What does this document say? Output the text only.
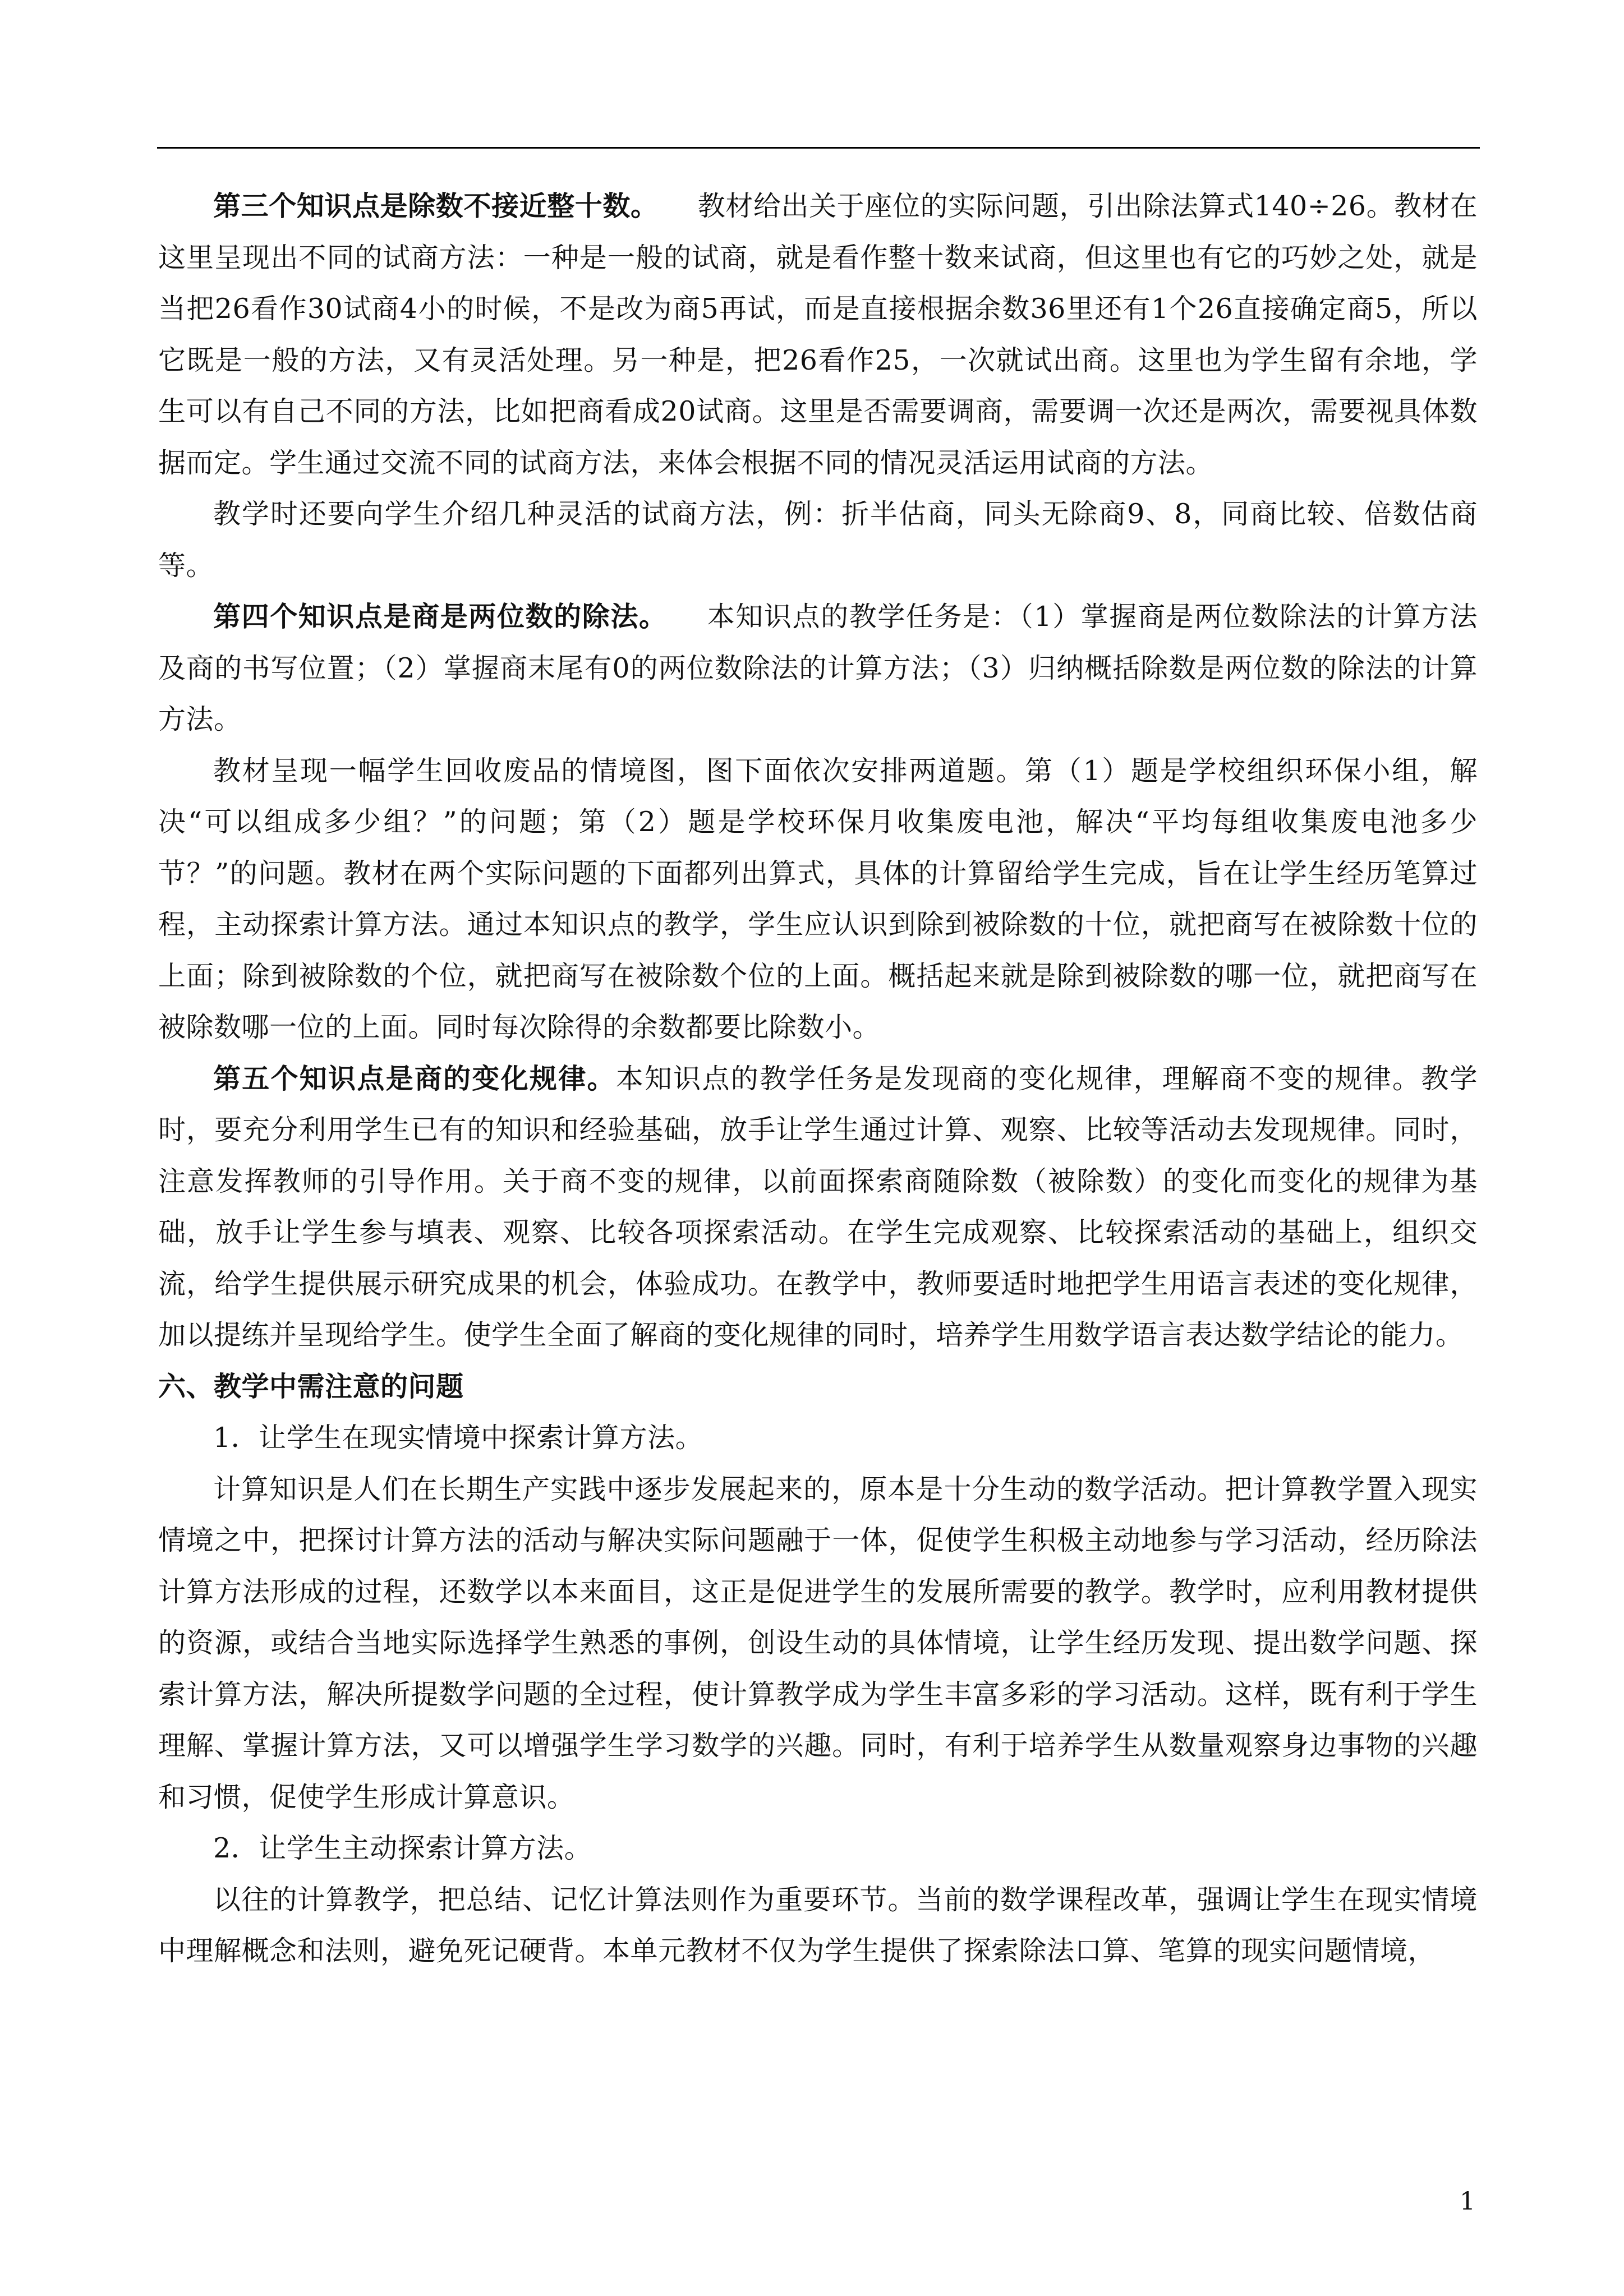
第三个知识点是除数不接近整十数。 教材给出关于座位的实际问题，引出除法算式140÷26。教材在这里呈现出不同的试商方法：一种是一般的试商，就是看作整十数来试商，但这里也有它的巧妙之处，就是当把26看作30试商4小的时候，不是改为商5再试，而是直接根据余数36里还有1个26直接确定商5，所以它既是一般的方法，又有灵活处理。另一种是，把26看作25，一次就试出商。这里也为学生留有余地，学生可以有自己不同的方法，比如把商看成20试商。这里是否需要调商，需要调一次还是两次，需要视具体数据而定。学生通过交流不同的试商方法，来体会根据不同的情况灵活运用试商的方法。

教学时还要向学生介绍几种灵活的试商方法，例：折半估商，同头无除商9、8，同商比较、倍数估商等。

第四个知识点是商是两位数的除法。 本知识点的教学任务是：（1）掌握商是两位数除法的计算方法及商的书写位置；（2）掌握商末尾有0的两位数除法的计算方法；（3）归纳概括除数是两位数的除法的计算方法。

教材呈现一幅学生回收废品的情境图，图下面依次安排两道题。第（1）题是学校组织环保小组，解决“可以组成多少组？”的问题；第（2）题是学校环保月收集废电池，解决“平均每组收集废电池多少节？”的问题。教材在两个实际问题的下面都列出算式，具体的计算留给学生完成，旨在让学生经历笔算过程，主动探索计算方法。通过本知识点的教学，学生应认识到除到被除数的十位，就把商写在被除数十位的上面；除到被除数的个位，就把商写在被除数个位的上面。概括起来就是除到被除数的哪一位，就把商写在被除数哪一位的上面。同时每次除得的余数都要比除数小。

第五个知识点是商的变化规律。本知识点的教学任务是发现商的变化规律，理解商不变的规律。教学时，要充分利用学生已有的知识和经验基础，放手让学生通过计算、观察、比较等活动去发现规律。同时，注意发挥教师的引导作用。关于商不变的规律，以前面探索商随除数（被除数）的变化而变化的规律为基础，放手让学生参与填表、观察、比较各项探索活动。在学生完成观察、比较探索活动的基础上，组织交流，给学生提供展示研究成果的机会，体验成功。在教学中，教师要适时地把学生用语言表述的变化规律，加以提练并呈现给学生。使学生全面了解商的变化规律的同时，培养学生用数学语言表达数学结论的能力。

六、教学中需注意的问题

1．让学生在现实情境中探索计算方法。

计算知识是人们在长期生产实践中逐步发展起来的，原本是十分生动的数学活动。把计算教学置入现实情境之中，把探讨计算方法的活动与解决实际问题融于一体，促使学生积极主动地参与学习活动，经历除法计算方法形成的过程，还数学以本来面目，这正是促进学生的发展所需要的教学。教学时，应利用教材提供的资源，或结合当地实际选择学生熟悉的事例，创设生动的具体情境，让学生经历发现、提出数学问题、探索计算方法，解决所提数学问题的全过程，使计算教学成为学生丰富多彩的学习活动。这样，既有利于学生理解、掌握计算方法，又可以增强学生学习数学的兴趣。同时，有利于培养学生从数量观察身边事物的兴趣和习惯，促使学生形成计算意识。

2．让学生主动探索计算方法。

以往的计算教学，把总结、记忆计算法则作为重要环节。当前的数学课程改革，强调让学生在现实情境中理解概念和法则，避免死记硬背。本单元教材不仅为学生提供了探索除法口算、笔算的现实问题情境，

1
